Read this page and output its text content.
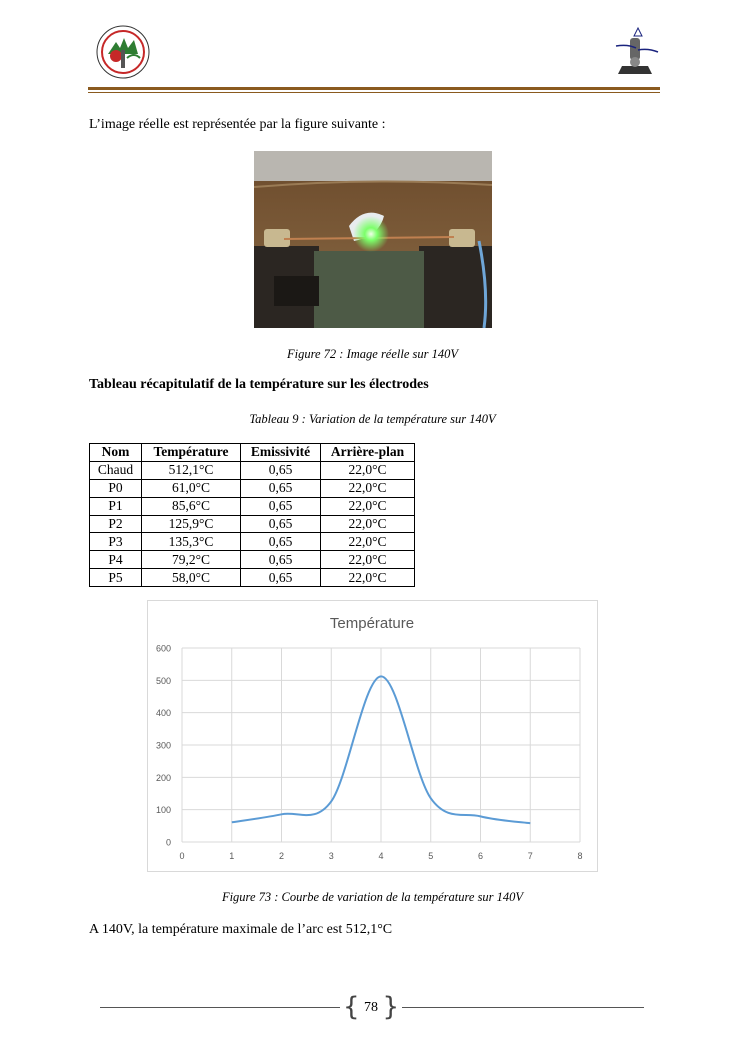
L’image réelle est représentée par la figure suivante :

Figure 72 : Image réelle sur 140V

Tableau récapitulatif de la température sur les électrodes

Tableau 9 : Variation de la température sur 140V

Nom	Température	Emissivité	Arrière-plan
Chaud	512,1°C	0,65	22,0°C
P0	61,0°C	0,65	22,0°C
P1	85,6°C	0,65	22,0°C
P2	125,9°C	0,65	22,0°C
P3	135,3°C	0,65	22,0°C
P4	79,2°C	0,65	22,0°C
P5	58,0°C	0,65	22,0°C
Température
0
100
200
300
400
500
600
0	1	2	3	4	5	6	7	8

Figure 73 : Courbe de variation de la température sur 140V

A 140V, la température maximale de l’arc est 512,1°C

{ 78 }
